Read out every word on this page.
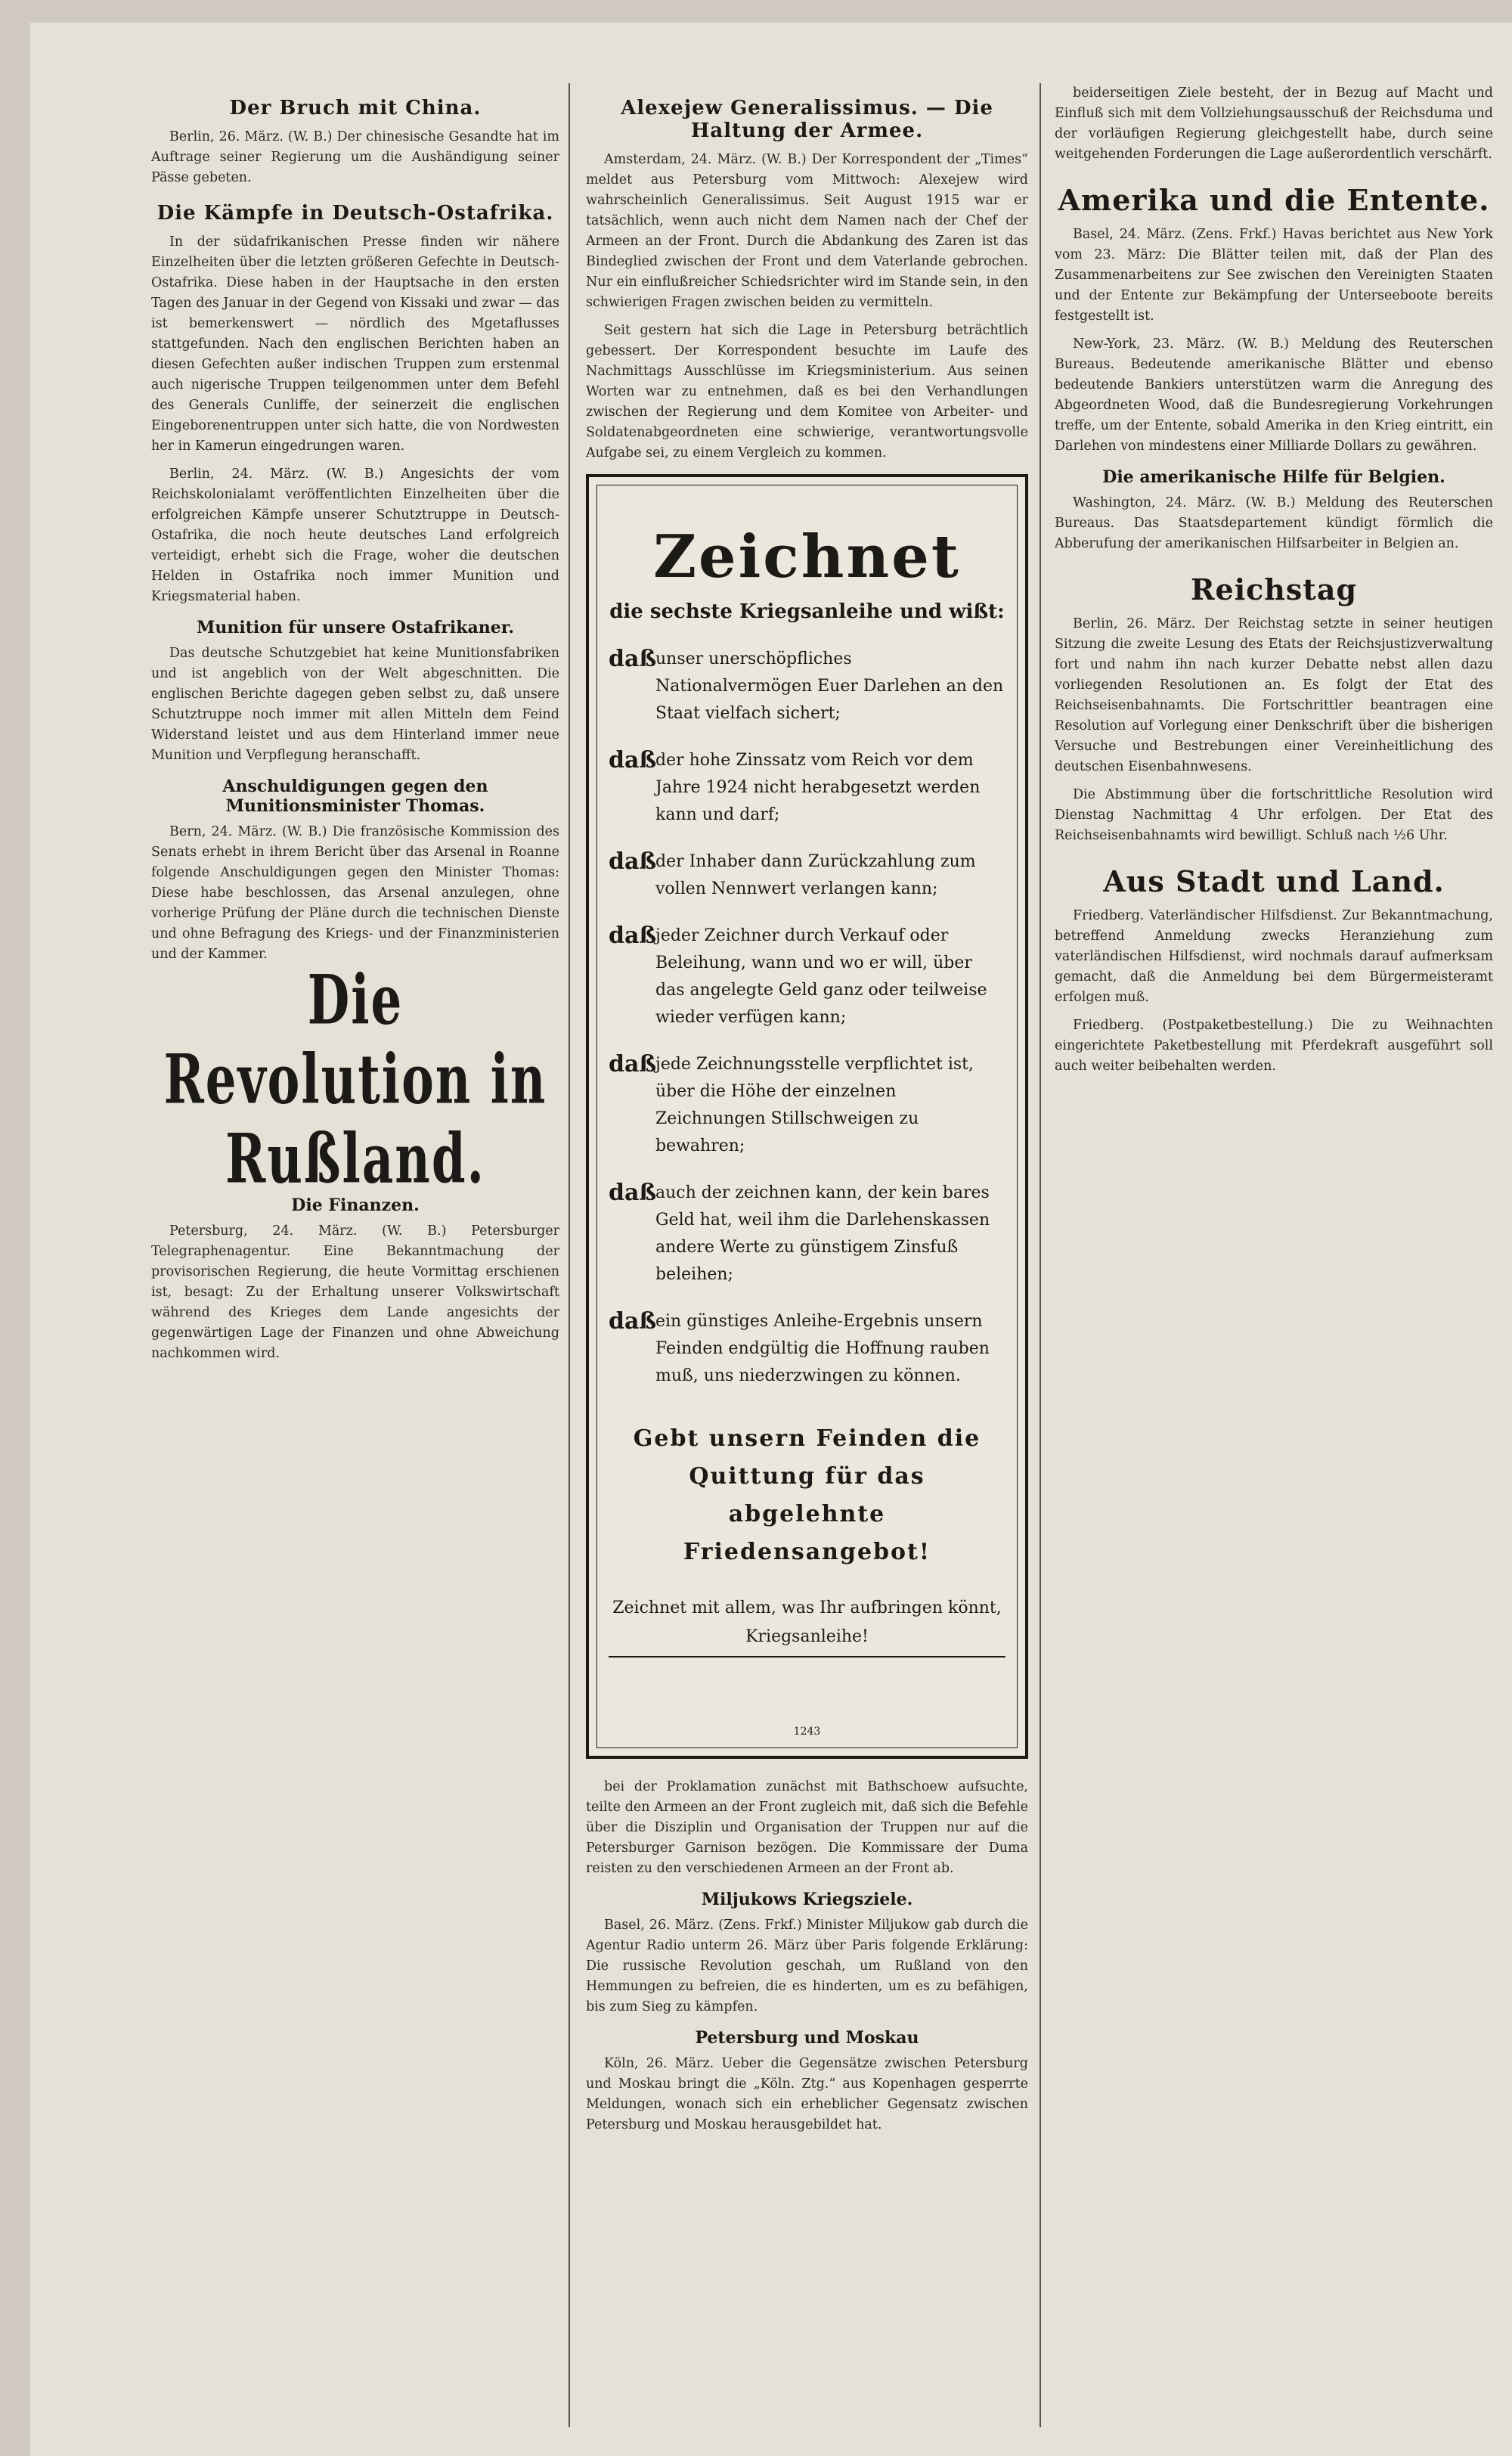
Der Bruch mit China.

Berlin, 26. März. (W. B.) Der chinesische Gesandte hat im Auftrage seiner Regierung um die Aushändigung seiner Pässe gebeten.

Die Kämpfe in Deutsch-Ostafrika.

In der südafrikanischen Presse finden wir nähere Einzelheiten über die letzten größeren Gefechte in Deutsch-Ostafrika. Diese haben in der Hauptsache in den ersten Tagen des Januar in der Gegend von Kissaki und zwar — das ist bemerkenswert — nördlich des Mgetaflusses stattgefunden. Nach den englischen Berichten haben an diesen Gefechten außer indischen Truppen zum erstenmal auch nigerische Truppen teilgenommen unter dem Befehl des Generals Cunliffe, der seinerzeit die englischen Eingeborenentruppen unter sich hatte, die von Nordwesten her in Kamerun eingedrungen waren.

Berlin, 24. März. (W. B.) Angesichts der vom Reichskolonialamt veröffentlichten Einzelheiten über die erfolgreichen Kämpfe unserer Schutztruppe in Deutsch-Ostafrika, die noch heute deutsches Land erfolgreich verteidigt, erhebt sich die Frage, woher die deutschen Helden in Ostafrika noch immer Munition und Kriegsmaterial haben.

Munition für unsere Ostafrikaner.

Das deutsche Schutzgebiet hat keine Munitionsfabriken und ist angeblich von der Welt abgeschnitten. Die englischen Berichte dagegen geben selbst zu, daß unsere Schutztruppe noch immer mit allen Mitteln dem Feind Widerstand leistet und aus dem Hinterland immer neue Munition und Verpflegung heranschafft.

Anschuldigungen gegen den Munitionsminister Thomas.

Bern, 24. März. (W. B.) Die französische Kommission des Senats erhebt in ihrem Bericht über das Arsenal in Roanne folgende Anschuldigungen gegen den Minister Thomas: Diese habe beschlossen, das Arsenal anzulegen, ohne vorherige Prüfung der Pläne durch die technischen Dienste und ohne Befragung des Kriegs- und der Finanzministerien und der Kammer.

Die Revolution in Rußland.
Die Finanzen.

Petersburg, 24. März. (W. B.) Petersburger Telegraphenagentur. Eine Bekanntmachung der provisorischen Regierung, die heute Vormittag erschienen ist, besagt: Zu der Erhaltung unserer Volkswirtschaft während des Krieges dem Lande angesichts der gegenwärtigen Lage der Finanzen und ohne Abweichung nachkommen wird.

Alexejew Generalissimus. — Die Haltung der Armee.

Amsterdam, 24. März. (W. B.) Der Korrespondent der „Times“ meldet aus Petersburg vom Mittwoch: Alexejew wird wahrscheinlich Generalissimus. Seit August 1915 war er tatsächlich, wenn auch nicht dem Namen nach der Chef der Armeen an der Front. Durch die Abdankung des Zaren ist das Bindeglied zwischen der Front und dem Vaterlande gebrochen. Nur ein einflußreicher Schiedsrichter wird im Stande sein, in den schwierigen Fragen zwischen beiden zu vermitteln.

Seit gestern hat sich die Lage in Petersburg beträchtlich gebessert. Der Korrespondent besuchte im Laufe des Nachmittags Ausschlüsse im Kriegsministerium. Aus seinen Worten war zu entnehmen, daß es bei den Verhandlungen zwischen der Regierung und dem Komitee von Arbeiter- und Soldatenabgeordneten eine schwierige, verantwortungsvolle Aufgabe sei, zu einem Vergleich zu kommen.

Zeichnet
die sechste Kriegsanleihe und wißt:
daß
unser unerschöpfliches Nationalvermögen Euer Darlehen an den Staat vielfach sichert;
daß
der hohe Zinssatz vom Reich vor dem Jahre 1924 nicht herabgesetzt werden kann und darf;
daß
der Inhaber dann Zurückzahlung zum vollen Nennwert verlangen kann;
daß
jeder Zeichner durch Verkauf oder Beleihung, wann und wo er will, über das angelegte Geld ganz oder teilweise wieder verfügen kann;
daß
jede Zeichnungsstelle verpflichtet ist, über die Höhe der einzelnen Zeichnungen Stillschweigen zu bewahren;
daß
auch der zeichnen kann, der kein bares Geld hat, weil ihm die Darlehenskassen andere Werte zu günstigem Zinsfuß beleihen;
daß
ein günstiges Anleihe-Ergebnis unsern Feinden endgültig die Hoffnung rauben muß, uns niederzwingen zu können.
Gebt unsern Feinden die Quittung für das abgelehnte Friedensangebot!
Zeichnet mit allem, was Ihr aufbringen könnt, Kriegsanleihe!
1243

bei der Proklamation zunächst mit Bathschoew aufsuchte, teilte den Armeen an der Front zugleich mit, daß sich die Befehle über die Disziplin und Organisation der Truppen nur auf die Petersburger Garnison bezögen. Die Kommissare der Duma reisten zu den verschiedenen Armeen an der Front ab.

Miljukows Kriegsziele.

Basel, 26. März. (Zens. Frkf.) Minister Miljukow gab durch die Agentur Radio unterm 26. März über Paris folgende Erklärung: Die russische Revolution geschah, um Rußland von den Hemmungen zu befreien, die es hinderten, um es zu befähigen, bis zum Sieg zu kämpfen.

Petersburg und Moskau

Köln, 26. März. Ueber die Gegensätze zwischen Petersburg und Moskau bringt die „Köln. Ztg.“ aus Kopenhagen gesperrte Meldungen, wonach sich ein erheblicher Gegensatz zwischen Petersburg und Moskau herausgebildet hat.

beiderseitigen Ziele besteht, der in Bezug auf Macht und Einfluß sich mit dem Vollziehungsausschuß der Reichsduma und der vorläufigen Regierung gleichgestellt habe, durch seine weitgehenden Forderungen die Lage außerordentlich verschärft.

Amerika und die Entente.

Basel, 24. März. (Zens. Frkf.) Havas berichtet aus New York vom 23. März: Die Blätter teilen mit, daß der Plan des Zusammenarbeitens zur See zwischen den Vereinigten Staaten und der Entente zur Bekämpfung der Unterseeboote bereits festgestellt ist.

New-York, 23. März. (W. B.) Meldung des Reuterschen Bureaus. Bedeutende amerikanische Blätter und ebenso bedeutende Bankiers unterstützen warm die Anregung des Abgeordneten Wood, daß die Bundesregierung Vorkehrungen treffe, um der Entente, sobald Amerika in den Krieg eintritt, ein Darlehen von mindestens einer Milliarde Dollars zu gewähren.

Die amerikanische Hilfe für Belgien.

Washington, 24. März. (W. B.) Meldung des Reuterschen Bureaus. Das Staatsdepartement kündigt förmlich die Abberufung der amerikanischen Hilfsarbeiter in Belgien an.

Reichstag

Berlin, 26. März. Der Reichstag setzte in seiner heutigen Sitzung die zweite Lesung des Etats der Reichsjustizverwaltung fort und nahm ihn nach kurzer Debatte nebst allen dazu vorliegenden Resolutionen an. Es folgt der Etat des Reichseisenbahnamts. Die Fortschrittler beantragen eine Resolution auf Vorlegung einer Denkschrift über die bisherigen Versuche und Bestrebungen einer Vereinheitlichung des deutschen Eisenbahnwesens.

Die Abstimmung über die fortschrittliche Resolution wird Dienstag Nachmittag 4 Uhr erfolgen. Der Etat des Reichseisenbahnamts wird bewilligt. Schluß nach ½6 Uhr.

Aus Stadt und Land.

Friedberg. Vaterländischer Hilfsdienst. Zur Bekanntmachung, betreffend Anmeldung zwecks Heranziehung zum vaterländischen Hilfsdienst, wird nochmals darauf aufmerksam gemacht, daß die Anmeldung bei dem Bürgermeisteramt erfolgen muß.

Friedberg. (Postpaketbestellung.) Die zu Weihnachten eingerichtete Paketbestellung mit Pferdekraft ausgeführt soll auch weiter beibehalten werden.
